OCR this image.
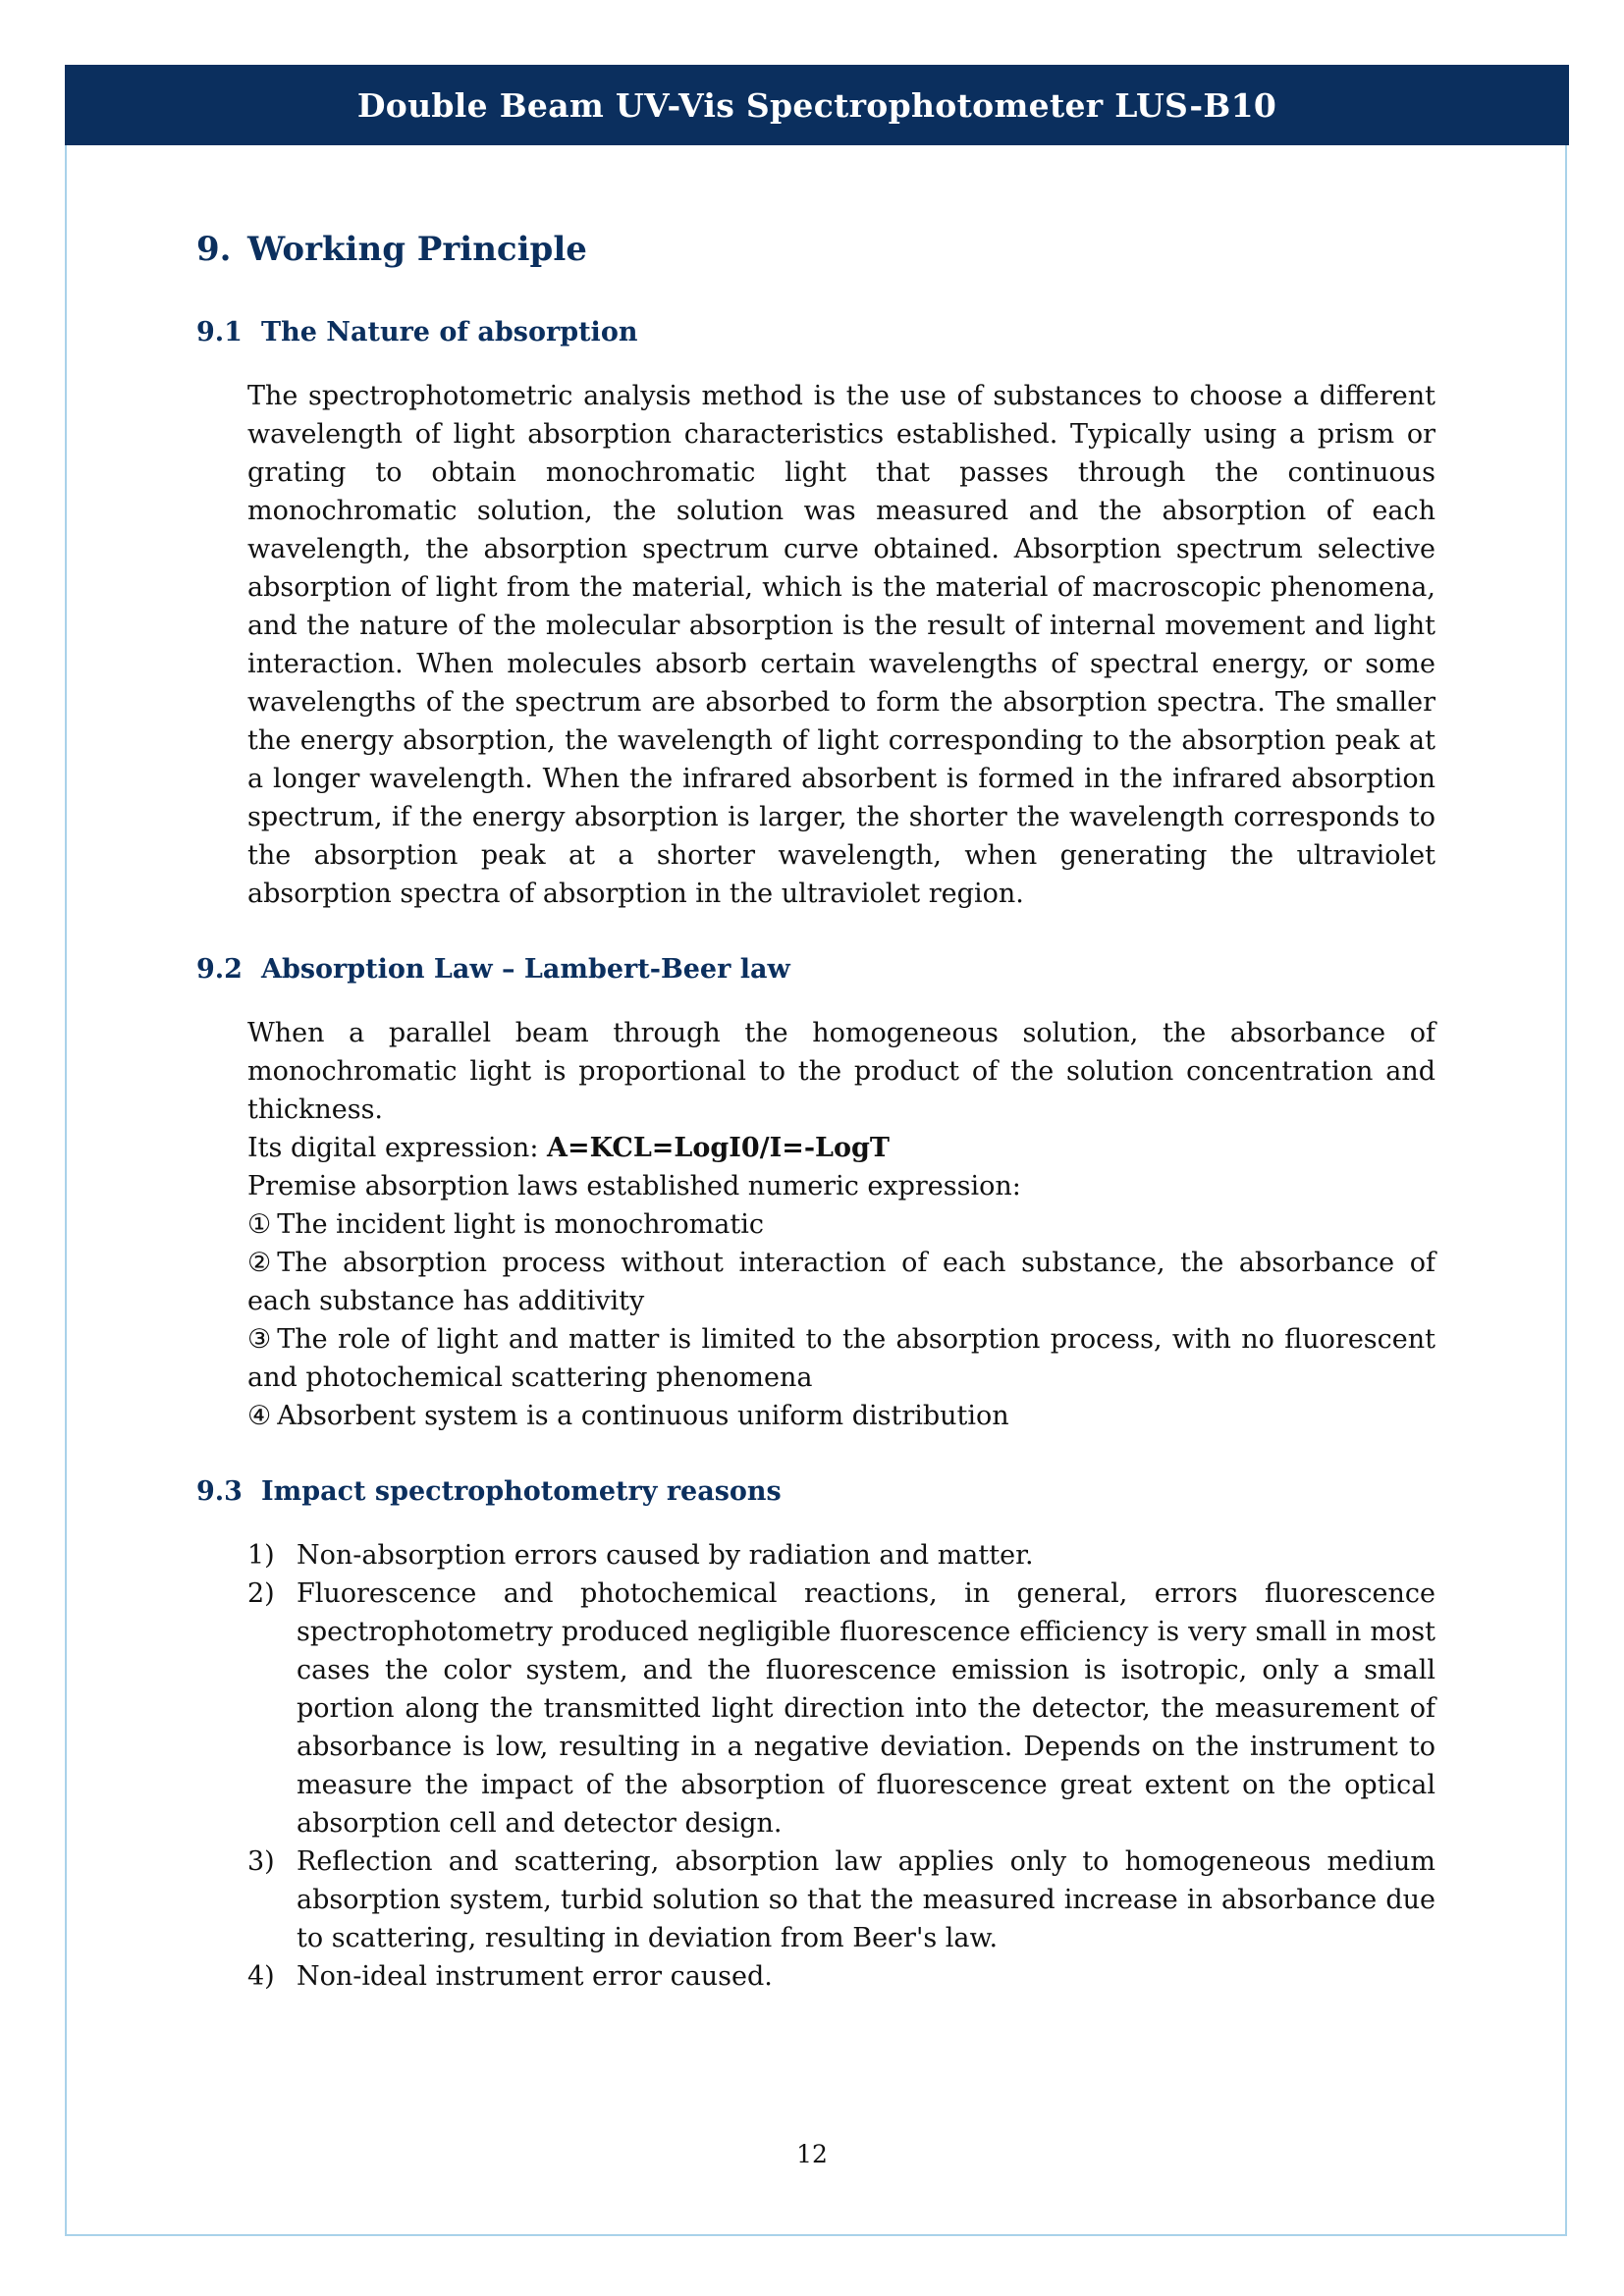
Double Beam UV-Vis Spectrophotometer LUS-B10
9. Working Principle
9.1 The Nature of absorption

The spectrophotometric analysis method is the use of substances to choose a different wavelength of light absorption characteristics established. Typically using a prism or grating to obtain monochromatic light that passes through the continuous monochromatic solution, the solution was measured and the absorption of each wavelength, the absorption spectrum curve obtained. Absorption spectrum selective absorption of light from the material, which is the material of macroscopic phenomena, and the nature of the molecular absorption is the result of internal movement and light interaction. When molecules absorb certain wavelengths of spectral energy, or some wavelengths of the spectrum are absorbed to form the absorption spectra. The smaller the energy absorption, the wavelength of light corresponding to the absorption peak at a longer wavelength. When the infrared absorbent is formed in the infrared absorption spectrum, if the energy absorption is larger, the shorter the wavelength corresponds to the absorption peak at a shorter wavelength, when generating the ultraviolet absorption spectra of absorption in the ultraviolet region.

9.2 Absorption Law – Lambert-Beer law
When a parallel beam through the homogeneous solution, the absorbance of monochromatic light is proportional to the product of the solution concentration and thickness.
Its digital expression: A=KCL=LogI0/I=-LogT
Premise absorption laws established numeric expression:
① The incident light is monochromatic
② The absorption process without interaction of each substance, the absorbance of each substance has additivity
③ The role of light and matter is limited to the absorption process, with no fluorescent and photochemical scattering phenomena
④ Absorbent system is a continuous uniform distribution
9.3 Impact spectrophotometry reasons
1) Non-absorption errors caused by radiation and matter.
2) Fluorescence and photochemical reactions, in general, errors fluorescence spectrophotometry produced negligible fluorescence efficiency is very small in most cases the color system, and the fluorescence emission is isotropic, only a small portion along the transmitted light direction into the detector, the measurement of absorbance is low, resulting in a negative deviation. Depends on the instrument to measure the impact of the absorption of fluorescence great extent on the optical absorption cell and detector design.
3) Reflection and scattering, absorption law applies only to homogeneous medium absorption system, turbid solution so that the measured increase in absorbance due to scattering, resulting in deviation from Beer's law.
4) Non-ideal instrument error caused.
12
